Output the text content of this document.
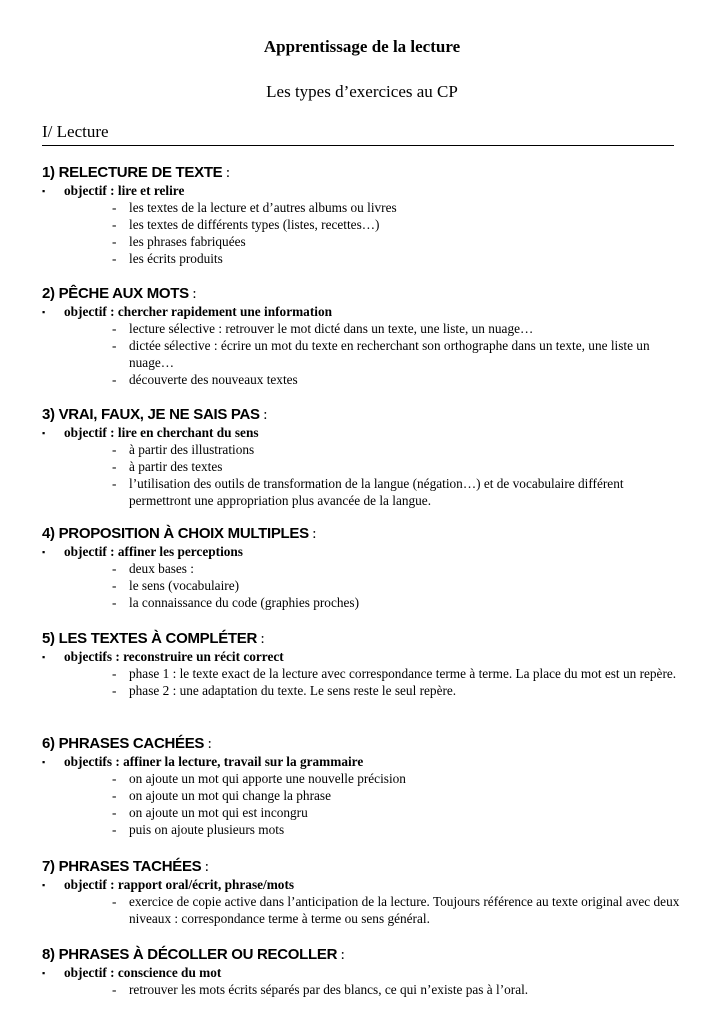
Apprentissage de la lecture
Les types d’exercices au CP
I/ Lecture
1) RELECTURE DE TEXTE :
▪ objectif : lire et relire
- les textes de la lecture et d’autres albums ou livres
- les textes de différents types (listes, recettes…)
- les phrases fabriquées
- les écrits produits
2) PÊCHE AUX MOTS :
▪ objectif : chercher rapidement une information
- lecture sélective : retrouver le mot dicté dans un texte, une liste, un nuage…
- dictée sélective : écrire un mot du texte en recherchant son orthographe dans un texte, une liste un nuage…
- découverte des nouveaux textes
3) VRAI, FAUX, JE NE SAIS PAS :
▪ objectif : lire en cherchant du sens
- à partir des illustrations
- à partir des textes
- l’utilisation des outils de transformation de la langue (négation…) et de vocabulaire différent permettront une appropriation plus avancée de la langue.
4) PROPOSITION À CHOIX MULTIPLES :
▪ objectif : affiner les perceptions
- deux bases :
- le sens (vocabulaire)
- la connaissance du code (graphies proches)
5) LES TEXTES À COMPLÉTER :
▪ objectifs : reconstruire un récit correct
- phase 1 : le texte exact de la lecture avec correspondance terme à terme. La place du mot est un repère.
- phase 2 : une adaptation du texte. Le sens reste le seul repère.
6) PHRASES CACHÉES :
▪ objectifs : affiner la lecture, travail sur la grammaire
- on ajoute un mot qui apporte une nouvelle précision
- on ajoute un mot qui change la phrase
- on ajoute un mot qui est incongru
- puis on ajoute plusieurs mots
7) PHRASES TACHÉES :
▪ objectif : rapport oral/écrit, phrase/mots
- exercice de copie active dans l’anticipation de la lecture. Toujours référence au texte original avec deux niveaux : correspondance terme à terme ou sens général.
8) PHRASES À DÉCOLLER OU RECOLLER :
▪ objectif : conscience du mot
- retrouver les mots écrits séparés par des blancs, ce qui n’existe pas à l’oral.
